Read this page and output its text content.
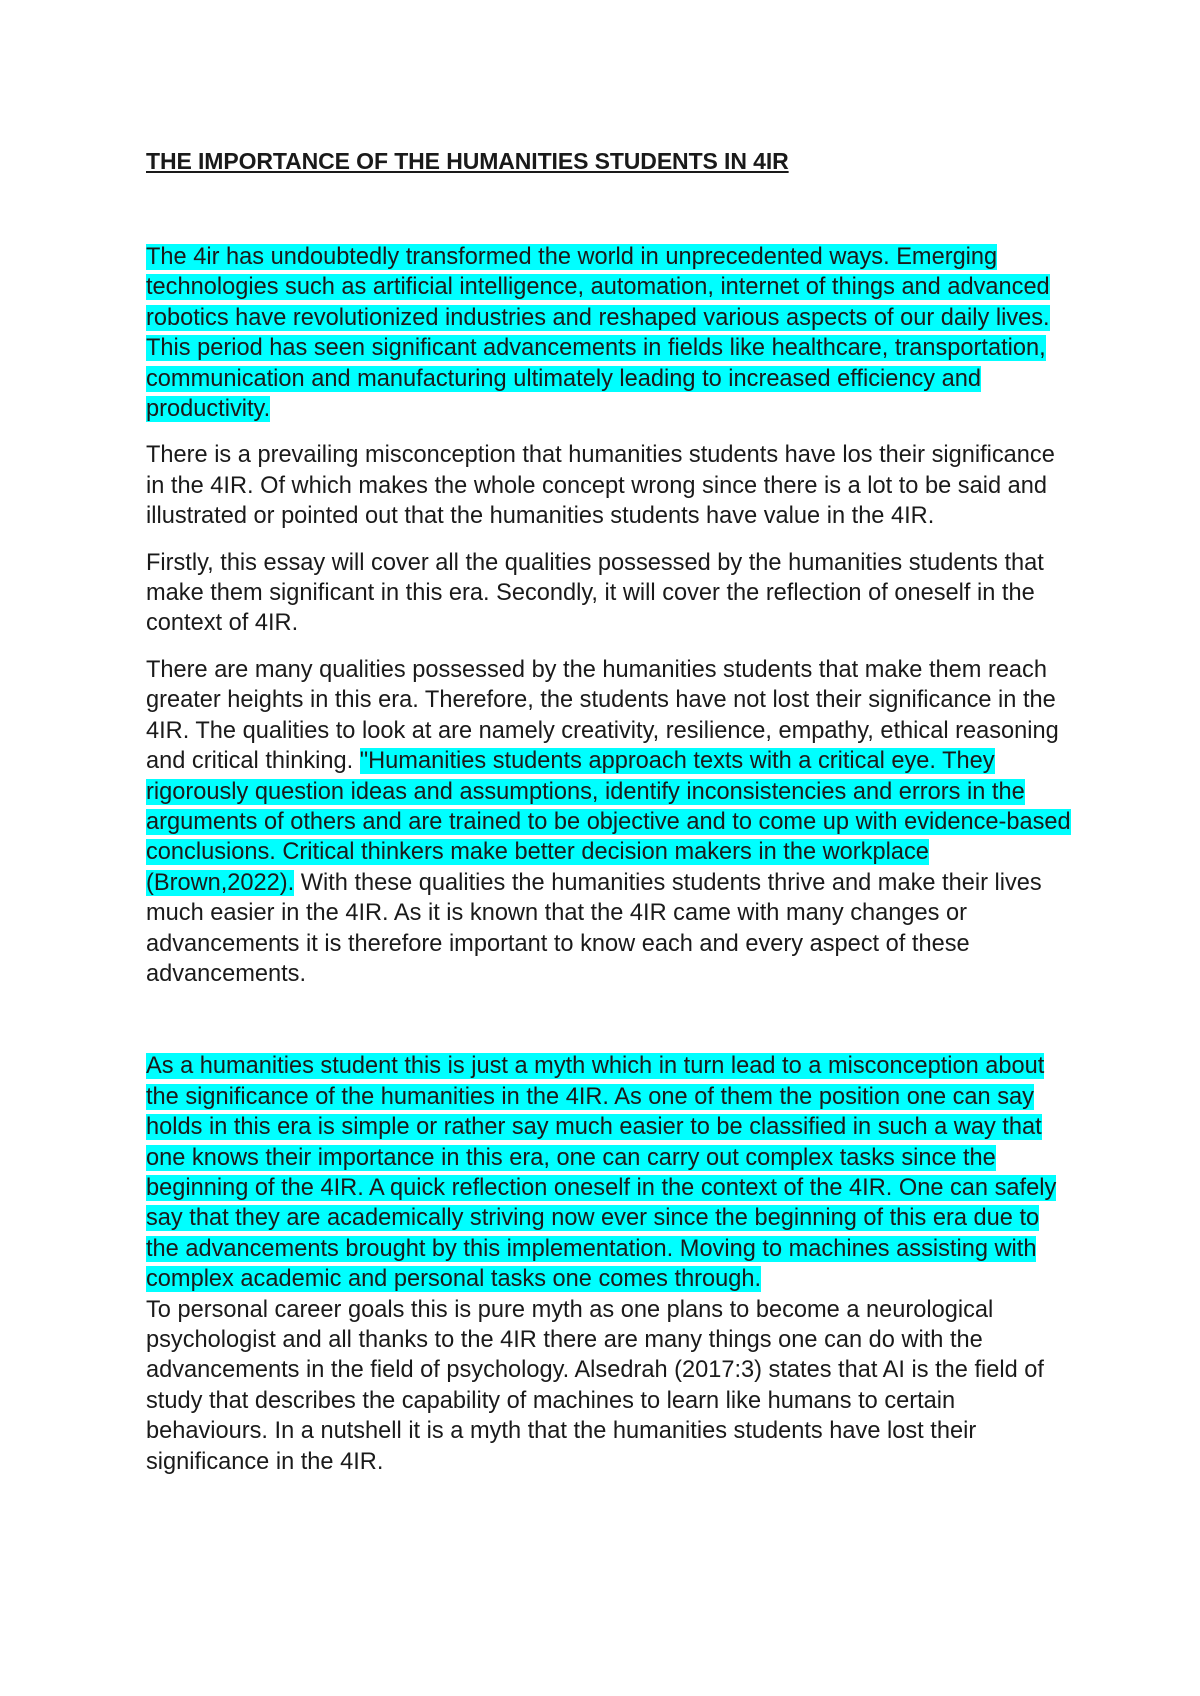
THE IMPORTANCE OF THE HUMANITIES STUDENTS IN 4IR

The 4ir has undoubtedly transformed the world in unprecedented ways. Emerging technologies such as artificial intelligence, automation, internet of things and advanced robotics have revolutionized industries and reshaped various aspects of our daily lives. This period has seen significant advancements in fields like healthcare, transportation, communication and manufacturing ultimately leading to increased efficiency and productivity.

There is a prevailing misconception that humanities students have los their significance in the 4IR. Of which makes the whole concept wrong since there is a lot to be said and illustrated or pointed out that the humanities students have value in the 4IR.

Firstly, this essay will cover all the qualities possessed by the humanities students that make them significant in this era. Secondly, it will cover the reflection of oneself in the context of 4IR.

There are many qualities possessed by the humanities students that make them reach greater heights in this era. Therefore, the students have not lost their significance in the 4IR. The qualities to look at are namely creativity, resilience, empathy, ethical reasoning and critical thinking. "Humanities students approach texts with a critical eye. They rigorously question ideas and assumptions, identify inconsistencies and errors in the arguments of others and are trained to be objective and to come up with evidence-based conclusions. Critical thinkers make better decision makers in the workplace (Brown,2022). With these qualities the humanities students thrive and make their lives much easier in the 4IR. As it is known that the 4IR came with many changes or advancements it is therefore important to know each and every aspect of these advancements.

As a humanities student this is just a myth which in turn lead to a misconception about the significance of the humanities in the 4IR. As one of them the position one can say holds in this era is simple or rather say much easier to be classified in such a way that one knows their importance in this era, one can carry out complex tasks since the beginning of the 4IR. A quick reflection oneself in the context of the 4IR. One can safely say that they are academically striving now ever since the beginning of this era due to the advancements brought by this implementation. Moving to machines assisting with complex academic and personal tasks one comes through.

To personal career goals this is pure myth as one plans to become a neurological psychologist and all thanks to the 4IR there are many things one can do with the advancements in the field of psychology. Alsedrah (2017:3) states that AI is the field of study that describes the capability of machines to learn like humans to certain behaviours. In a nutshell it is a myth that the humanities students have lost their significance in the 4IR.
